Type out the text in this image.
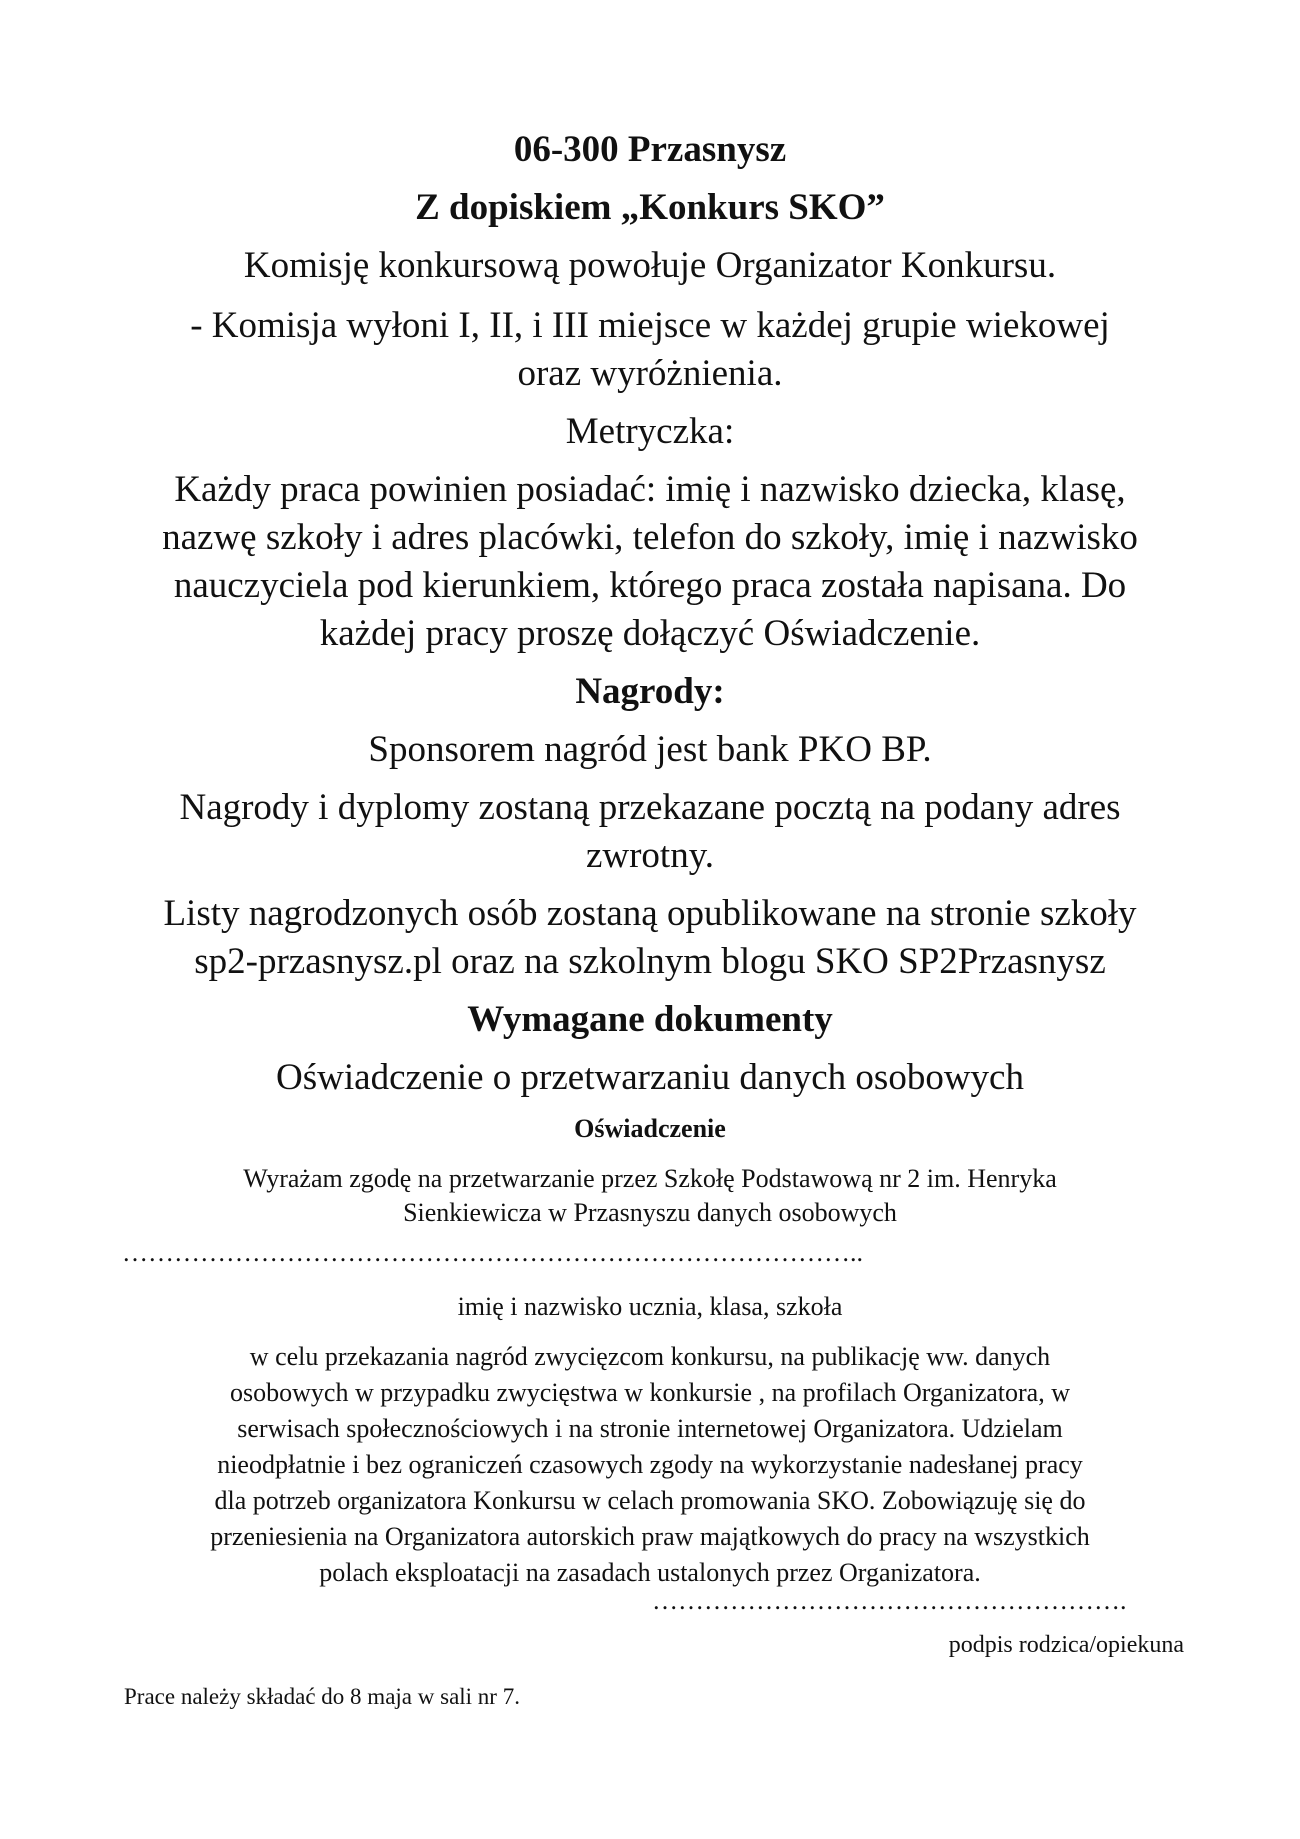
06-300 Przasnysz
Z dopiskiem „Konkurs SKO”
Komisję konkursową powołuje Organizator Konkursu.
- Komisja wyłoni I, II, i III miejsce w każdej grupie wiekowej
oraz wyróżnienia.
Metryczka:
Każdy praca powinien posiadać: imię i nazwisko dziecka, klasę,
nazwę szkoły i adres placówki, telefon do szkoły, imię i nazwisko
nauczyciela pod kierunkiem, którego praca została napisana. Do
każdej pracy proszę dołączyć Oświadczenie.
Nagrody:
Sponsorem nagród jest bank PKO BP.
Nagrody i dyplomy zostaną przekazane pocztą na podany adres
zwrotny.
Listy nagrodzonych osób zostaną opublikowane na stronie szkoły
sp2-przasnysz.pl oraz na szkolnym blogu SKO SP2Przasnysz
Wymagane dokumenty
Oświadczenie o przetwarzaniu danych osobowych
Oświadczenie
Wyrażam zgodę na przetwarzanie przez Szkołę Podstawową nr 2 im. Henryka
Sienkiewicza w Przasnyszu danych osobowych
…………………………………………………………………………..
imię i nazwisko ucznia, klasa, szkoła
w celu przekazania nagród zwycięzcom konkursu, na publikację ww. danych
osobowych w przypadku zwycięstwa w konkursie , na profilach Organizatora, w
serwisach społecznościowych i na stronie internetowej Organizatora. Udzielam
nieodpłatnie i bez ograniczeń czasowych zgody na wykorzystanie nadesłanej pracy
dla potrzeb organizatora Konkursu w celach promowania SKO. Zobowiązuję się do
przeniesienia na Organizatora autorskich praw majątkowych do pracy na wszystkich
polach eksploatacji na zasadach ustalonych przez Organizatora.
……………………………………………….
podpis rodzica/opiekuna
Prace należy składać do 8 maja w sali nr 7.
